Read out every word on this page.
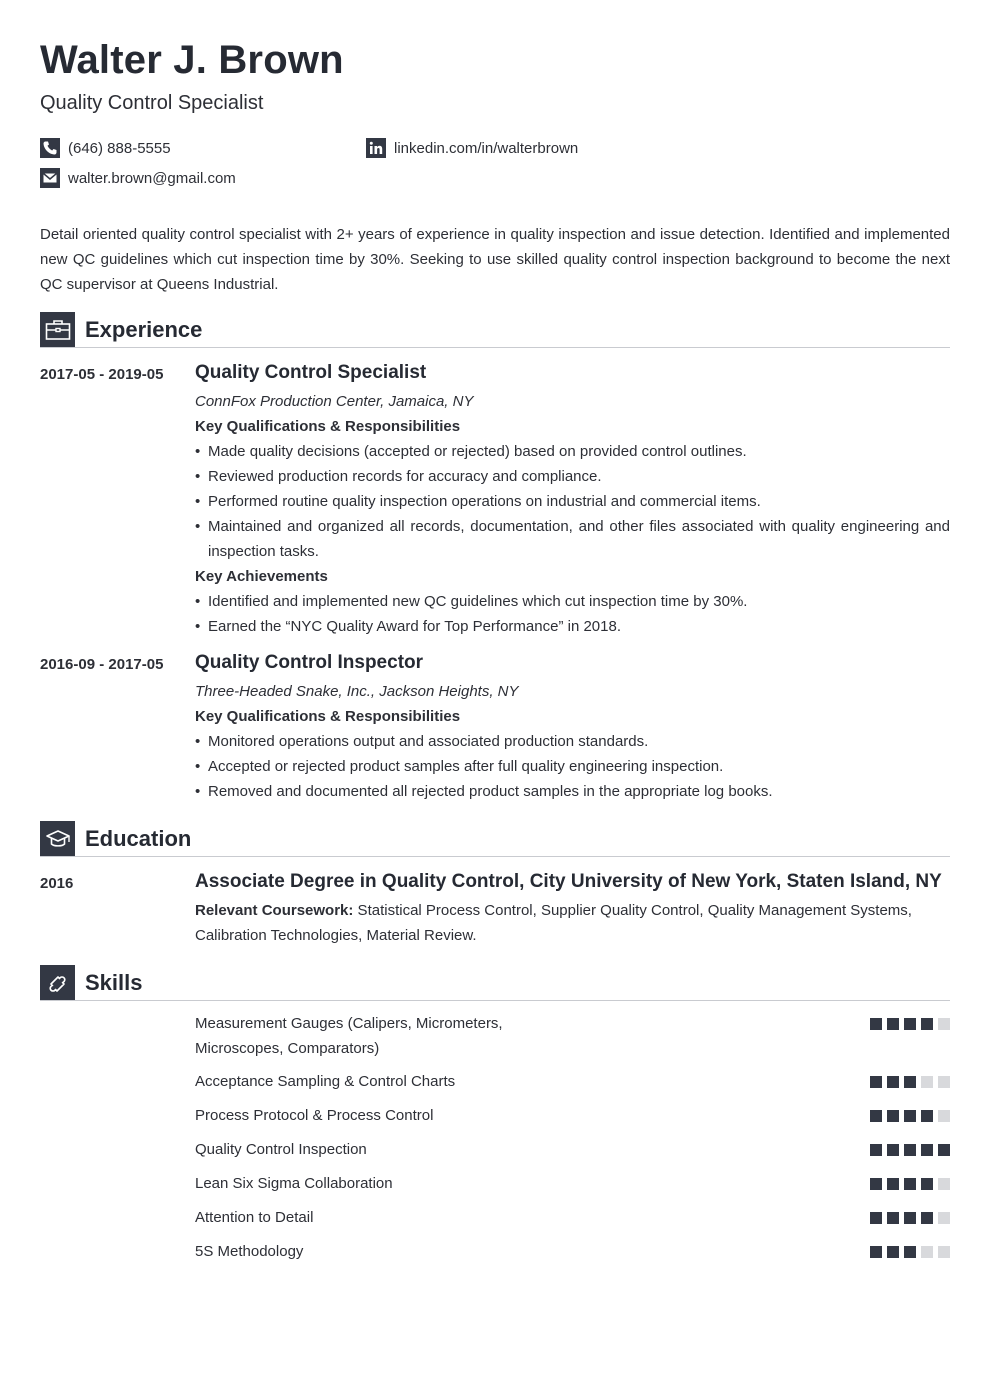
Walter J. Brown
Quality Control Specialist
(646) 888-5555	linkedin.com/in/walterbrown
walter.brown@gmail.com
Detail oriented quality control specialist with 2+ years of experience in quality inspection and issue detection. Identified and implemented new QC guidelines which cut inspection time by 30%. Seeking to use skilled quality control inspection background to become the next QC supervisor at Queens Industrial.
Experience
2017-05 - 2019-05 Quality Control Specialist
ConnFox Production Center, Jamaica, NY
Key Qualifications & Responsibilities
• Made quality decisions (accepted or rejected) based on provided control outlines.
• Reviewed production records for accuracy and compliance.
• Performed routine quality inspection operations on industrial and commercial items.
• Maintained and organized all records, documentation, and other files associated with quality engineering and inspection tasks.
Key Achievements
• Identified and implemented new QC guidelines which cut inspection time by 30%.
• Earned the “NYC Quality Award for Top Performance” in 2018.
2016-09 - 2017-05 Quality Control Inspector
Three-Headed Snake, Inc., Jackson Heights, NY
Key Qualifications & Responsibilities
• Monitored operations output and associated production standards.
• Accepted or rejected product samples after full quality engineering inspection.
• Removed and documented all rejected product samples in the appropriate log books.
Education
2016	Associate Degree in Quality Control, City University of New York, Staten Island, NY
Relevant Coursework: Statistical Process Control, Supplier Quality Control, Quality Management Systems, Calibration Technologies, Material Review.
Skills
Measurement Gauges (Calipers, Micrometers, Microscopes, Comparators)
Acceptance Sampling & Control Charts
Process Protocol & Process Control
Quality Control Inspection
Lean Six Sigma Collaboration
Attention to Detail
5S Methodology
